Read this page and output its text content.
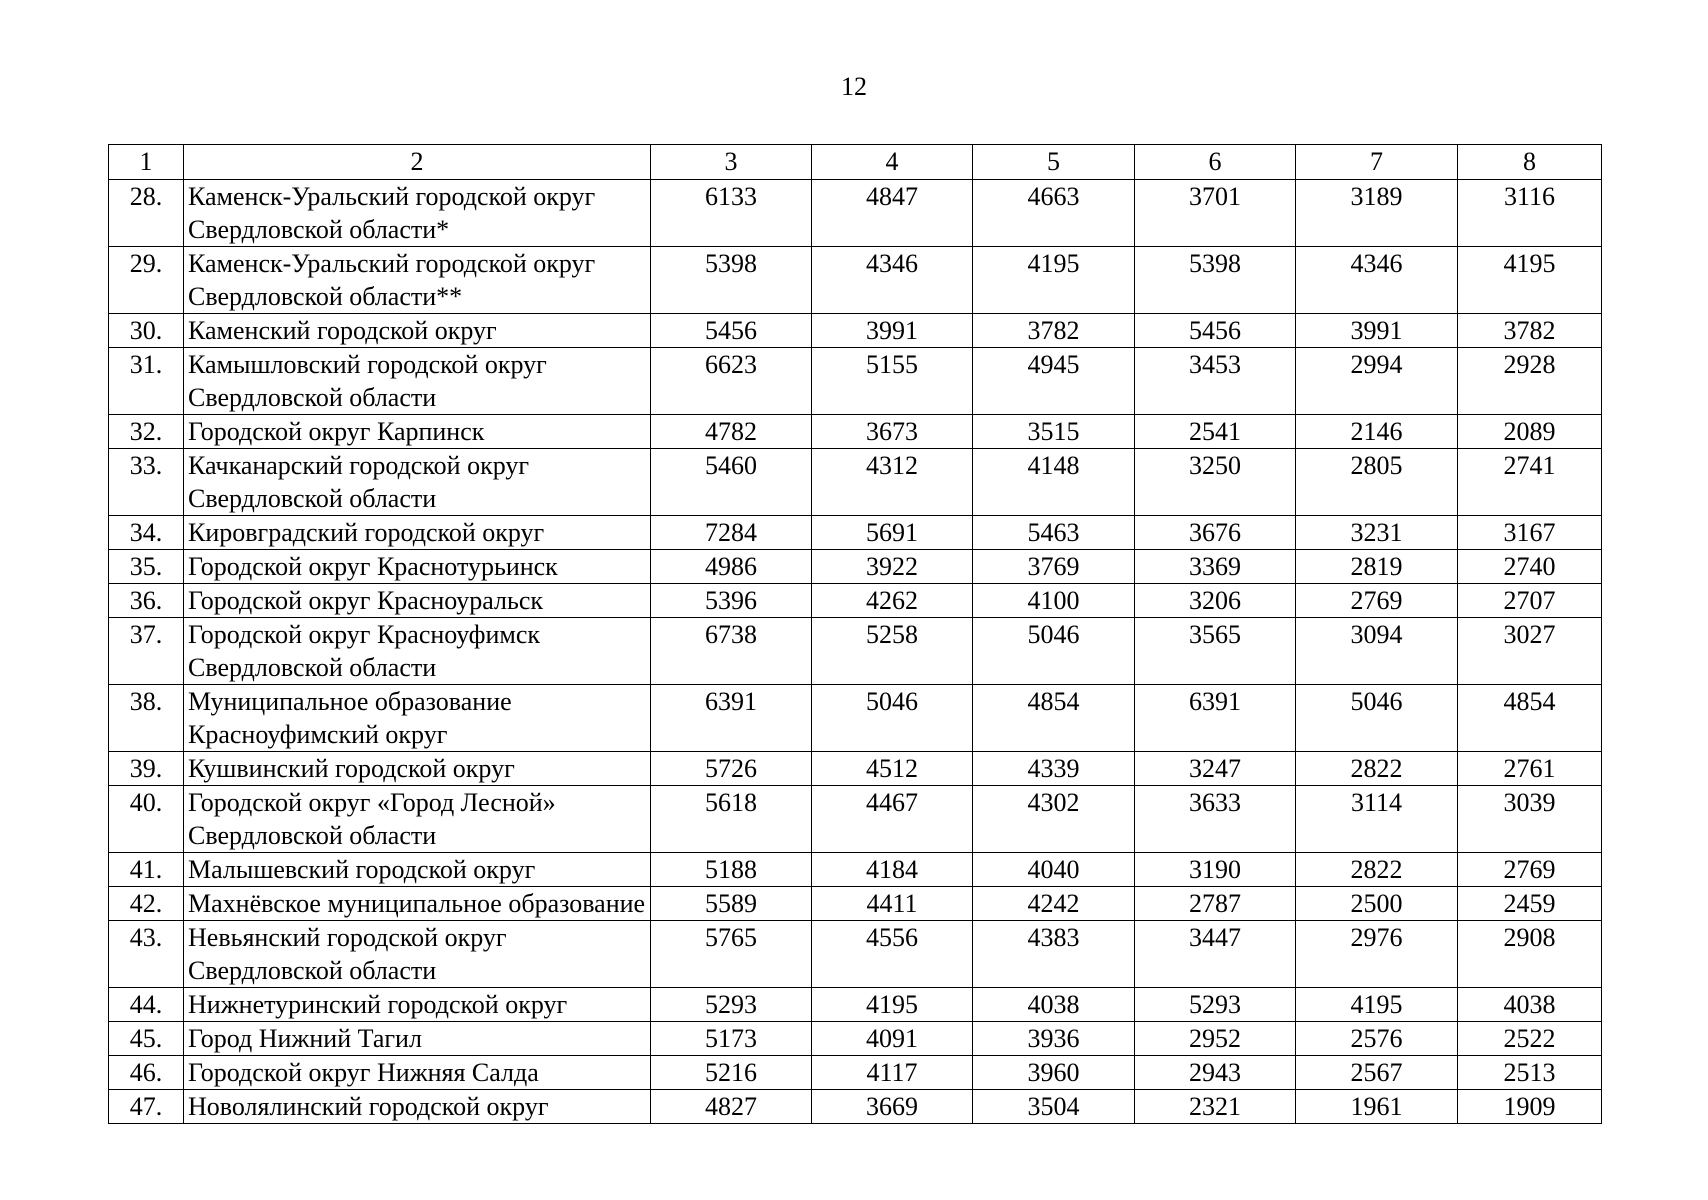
12
1	2	3	4	5	6	7	8
28.	Каменск-Уральский городской округ Свердловской области*	6133	4847	4663	3701	3189	3116
29.	Каменск-Уральский городской округ Свердловской области**	5398	4346	4195	5398	4346	4195
30.	Каменский городской округ	5456	3991	3782	5456	3991	3782
31.	Камышловский городской округ Свердловской области	6623	5155	4945	3453	2994	2928
32.	Городской округ Карпинск	4782	3673	3515	2541	2146	2089
33.	Качканарский городской округ Свердловской области	5460	4312	4148	3250	2805	2741
34.	Кировградский городской округ	7284	5691	5463	3676	3231	3167
35.	Городской округ Краснотурьинск	4986	3922	3769	3369	2819	2740
36.	Городской округ Красноуральск	5396	4262	4100	3206	2769	2707
37.	Городской округ Красноуфимск Свердловской области	6738	5258	5046	3565	3094	3027
38.	Муниципальное образование Красноуфимский округ	6391	5046	4854	6391	5046	4854
39.	Кушвинский городской округ	5726	4512	4339	3247	2822	2761
40.	Городской округ «Город Лесной» Свердловской области	5618	4467	4302	3633	3114	3039
41.	Малышевский городской округ	5188	4184	4040	3190	2822	2769
42.	Махнёвское муниципальное образование	5589	4411	4242	2787	2500	2459
43.	Невьянский городской округ Свердловской области	5765	4556	4383	3447	2976	2908
44.	Нижнетуринский городской округ	5293	4195	4038	5293	4195	4038
45.	Город Нижний Тагил	5173	4091	3936	2952	2576	2522
46.	Городской округ Нижняя Салда	5216	4117	3960	2943	2567	2513
47.	Новолялинский городской округ	4827	3669	3504	2321	1961	1909
